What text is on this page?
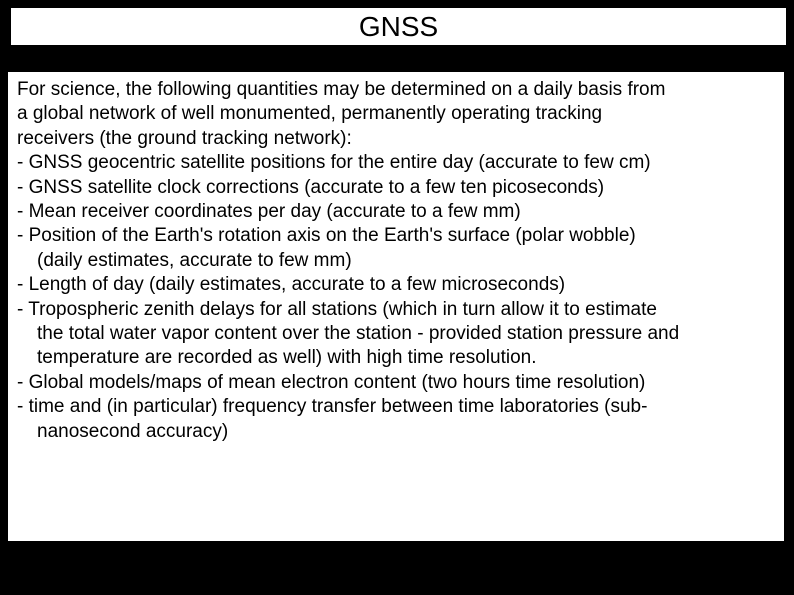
GNSS
For science, the following quantities may be determined on a daily basis from
a global network of well monumented, permanently operating tracking
receivers (the ground tracking network):
- GNSS geocentric satellite positions for the entire day (accurate to few cm)
- GNSS satellite clock corrections (accurate to a few ten picoseconds)
- Mean receiver coordinates per day (accurate to a few mm)
- Position of the Earth's rotation axis on the Earth's surface (polar wobble)
(daily estimates, accurate to few mm)
- Length of day (daily estimates, accurate to a few microseconds)
- Tropospheric zenith delays for all stations (which in turn allow it to estimate
the total water vapor content over the station - provided station pressure and
temperature are recorded as well) with high time resolution.
- Global models/maps of mean electron content (two hours time resolution)
- time and (in particular) frequency transfer between time laboratories (sub-
nanosecond accuracy)
